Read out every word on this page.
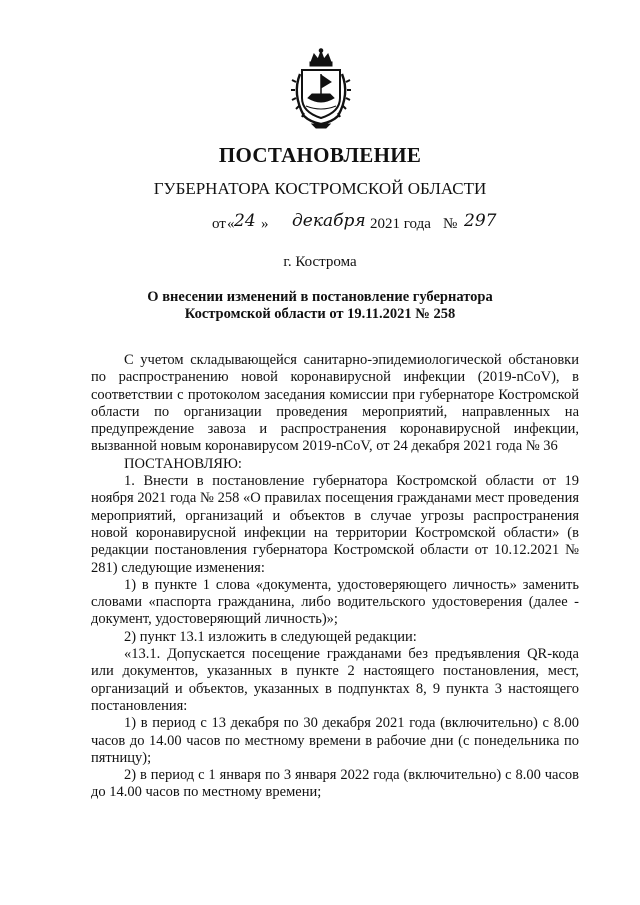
ПОСТАНОВЛЕНИЕ
ГУБЕРНАТОРА КОСТРОМСКОЙ ОБЛАСТИ
от « 24 » декабря 2021 года № 297
г. Кострома
О внесении изменений в постановление губернатора
Костромской области от 19.11.2021 № 258

С учетом складывающейся санитарно-эпидемиологической обстановки по распространению новой коронавирусной инфекции (2019-nCoV), в соответствии с протоколом заседания комиссии при губернаторе Костромской области по организации проведения мероприятий, направленных на предупреждение завоза и распространения коронавирусной инфекции, вызванной новым коронавирусом 2019-nCoV, от 24 декабря 2021 года № 36

ПОСТАНОВЛЯЮ:

1. Внести в постановление губернатора Костромской области от 19 ноября 2021 года № 258 «О правилах посещения гражданами мест проведения мероприятий, организаций и объектов в случае угрозы распространения новой коронавирусной инфекции на территории Костромской области» (в редакции постановления губернатора Костромской области от 10.12.2021 № 281) следующие изменения:

1) в пункте 1 слова «документа, удостоверяющего личность» заменить словами «паспорта гражданина, либо водительского удостоверения (далее - документ, удостоверяющий личность)»;

2) пункт 13.1 изложить в следующей редакции:

«13.1. Допускается посещение гражданами без предъявления QR-кода или документов, указанных в пункте 2 настоящего постановления, мест, организаций и объектов, указанных в подпунктах 8, 9 пункта 3 настоящего постановления:

1) в период с 13 декабря по 30 декабря 2021 года (включительно) с 8.00 часов до 14.00 часов по местному времени в рабочие дни (с понедельника по пятницу);

2) в период с 1 января по 3 января 2022 года (включительно) с 8.00 часов до 14.00 часов по местному времени;
